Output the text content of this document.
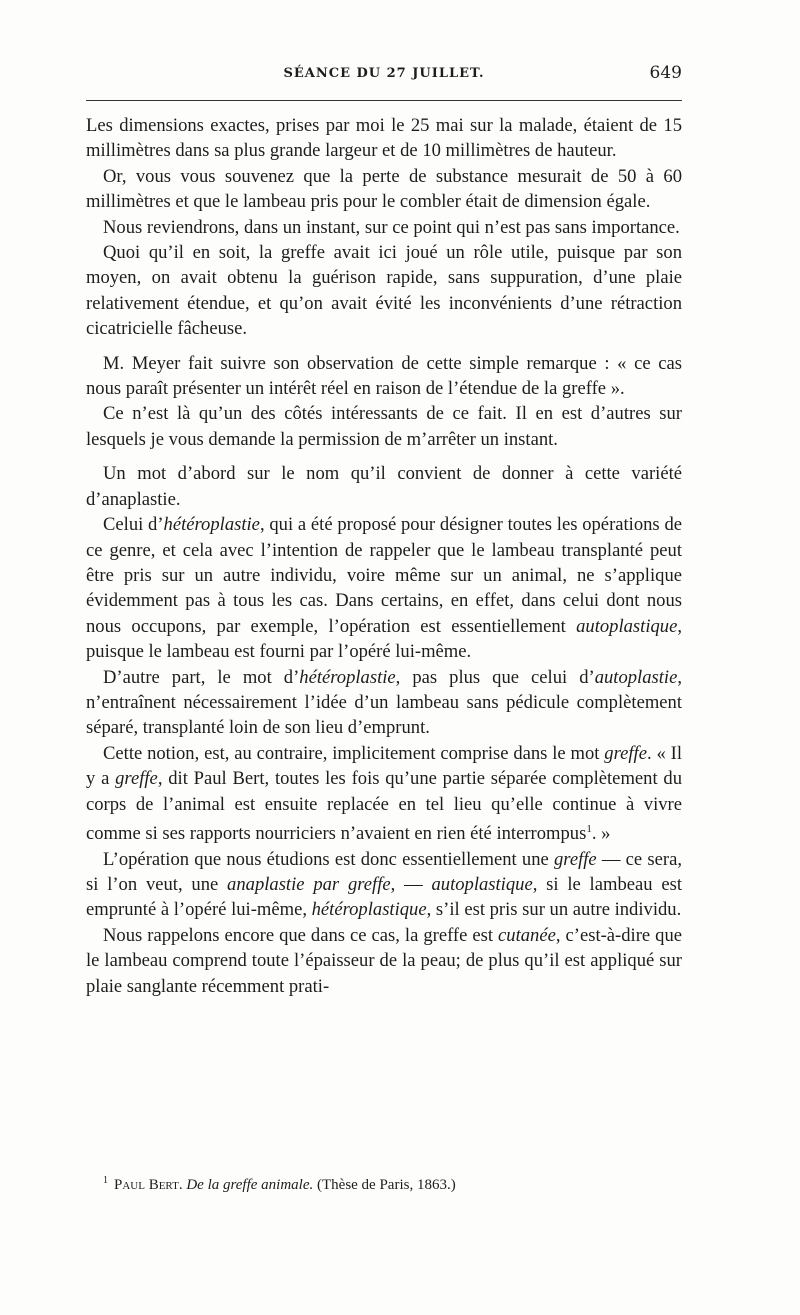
SÉANCE DU 27 JUILLET.	649

Les dimensions exactes, prises par moi le 25 mai sur la malade, étaient de 15 millimètres dans sa plus grande largeur et de 10 millimètres de hauteur.

Or, vous vous souvenez que la perte de substance mesurait de 50 à 60 millimètres et que le lambeau pris pour le combler était de dimension égale.

Nous reviendrons, dans un instant, sur ce point qui n’est pas sans importance.

Quoi qu’il en soit, la greffe avait ici joué un rôle utile, puisque par son moyen, on avait obtenu la guérison rapide, sans suppuration, d’une plaie relativement étendue, et qu’on avait évité les inconvénients d’une rétraction cicatricielle fâcheuse.

M. Meyer fait suivre son observation de cette simple remarque : « ce cas nous paraît présenter un intérêt réel en raison de l’étendue de la greffe ».

Ce n’est là qu’un des côtés intéressants de ce fait. Il en est d’autres sur lesquels je vous demande la permission de m’arrêter un instant.

Un mot d’abord sur le nom qu’il convient de donner à cette variété d’anaplastie.

Celui d’hétéroplastie, qui a été proposé pour désigner toutes les opérations de ce genre, et cela avec l’intention de rappeler que le lambeau transplanté peut être pris sur un autre individu, voire même sur un animal, ne s’applique évidemment pas à tous les cas. Dans certains, en effet, dans celui dont nous nous occupons, par exemple, l’opération est essentiellement autoplastique, puisque le lambeau est fourni par l’opéré lui-même.

D’autre part, le mot d’hétéroplastie, pas plus que celui d’autoplastie, n’entraînent nécessairement l’idée d’un lambeau sans pédicule complètement séparé, transplanté loin de son lieu d’emprunt.

Cette notion, est, au contraire, implicitement comprise dans le mot greffe. « Il y a greffe, dit Paul Bert, toutes les fois qu’une partie séparée complètement du corps de l’animal est ensuite replacée en tel lieu qu’elle continue à vivre comme si ses rapports nourriciers n’avaient en rien été interrompus$^1$. »

L’opération que nous étudions est donc essentiellement une greffe — ce sera, si l’on veut, une anaplastie par greffe, — autoplastique, si le lambeau est emprunté à l’opéré lui-même, hétéroplastique, s’il est pris sur un autre individu.

Nous rappelons encore que dans ce cas, la greffe est cutanée, c’est-à-dire que le lambeau comprend toute l’épaisseur de la peau; de plus qu’il est appliqué sur plaie sanglante récemment prati-

$^1$ Paul Bert. De la greffe animale. (Thèse de Paris, 1863.)
